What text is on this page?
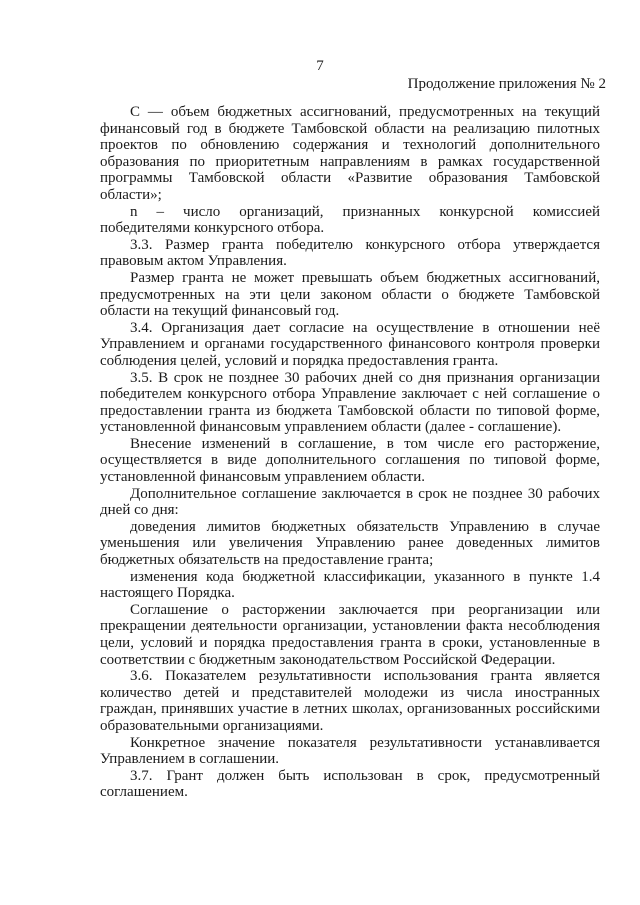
7
Продолжение приложения № 2

С — объем бюджетных ассигнований, предусмотренных на текущий финансовый год в бюджете Тамбовской области на реализацию пилотных проектов по обновлению содержания и технологий дополнительного образования по приоритетным направлениям в рамках государственной программы Тамбовской области «Развитие образования Тамбовской области»;

n – число организаций, признанных конкурсной комиссией победителями конкурсного отбора.

3.3. Размер гранта победителю конкурсного отбора утверждается правовым актом Управления.

Размер гранта не может превышать объем бюджетных ассигнований, предусмотренных на эти цели законом области о бюджете Тамбовской области на текущий финансовый год.

3.4. Организация дает согласие на осуществление в отношении неё Управлением и органами государственного финансового контроля проверки соблюдения целей, условий и порядка предоставления гранта.

3.5. В срок не позднее 30 рабочих дней со дня признания организации победителем конкурсного отбора Управление заключает с ней соглашение о предоставлении гранта из бюджета Тамбовской области по типовой форме, установленной финансовым управлением области (далее - соглашение).

Внесение изменений в соглашение, в том числе его расторжение, осуществляется в виде дополнительного соглашения по типовой форме, установленной финансовым управлением области.

Дополнительное соглашение заключается в срок не позднее 30 рабочих дней со дня:

доведения лимитов бюджетных обязательств Управлению в случае уменьшения или увеличения Управлению ранее доведенных лимитов бюджетных обязательств на предоставление гранта;

изменения кода бюджетной классификации, указанного в пункте 1.4 настоящего Порядка.

Соглашение о расторжении заключается при реорганизации или прекращении деятельности организации, установлении факта несоблюдения цели, условий и порядка предоставления гранта в сроки, установленные в соответствии с бюджетным законодательством Российской Федерации.

3.6. Показателем результативности использования гранта является количество детей и представителей молодежи из числа иностранных граждан, принявших участие в летних школах, организованных российскими образовательными организациями.

Конкретное значение показателя результативности устанавливается Управлением в соглашении.

3.7. Грант должен быть использован в срок, предусмотренный соглашением.
